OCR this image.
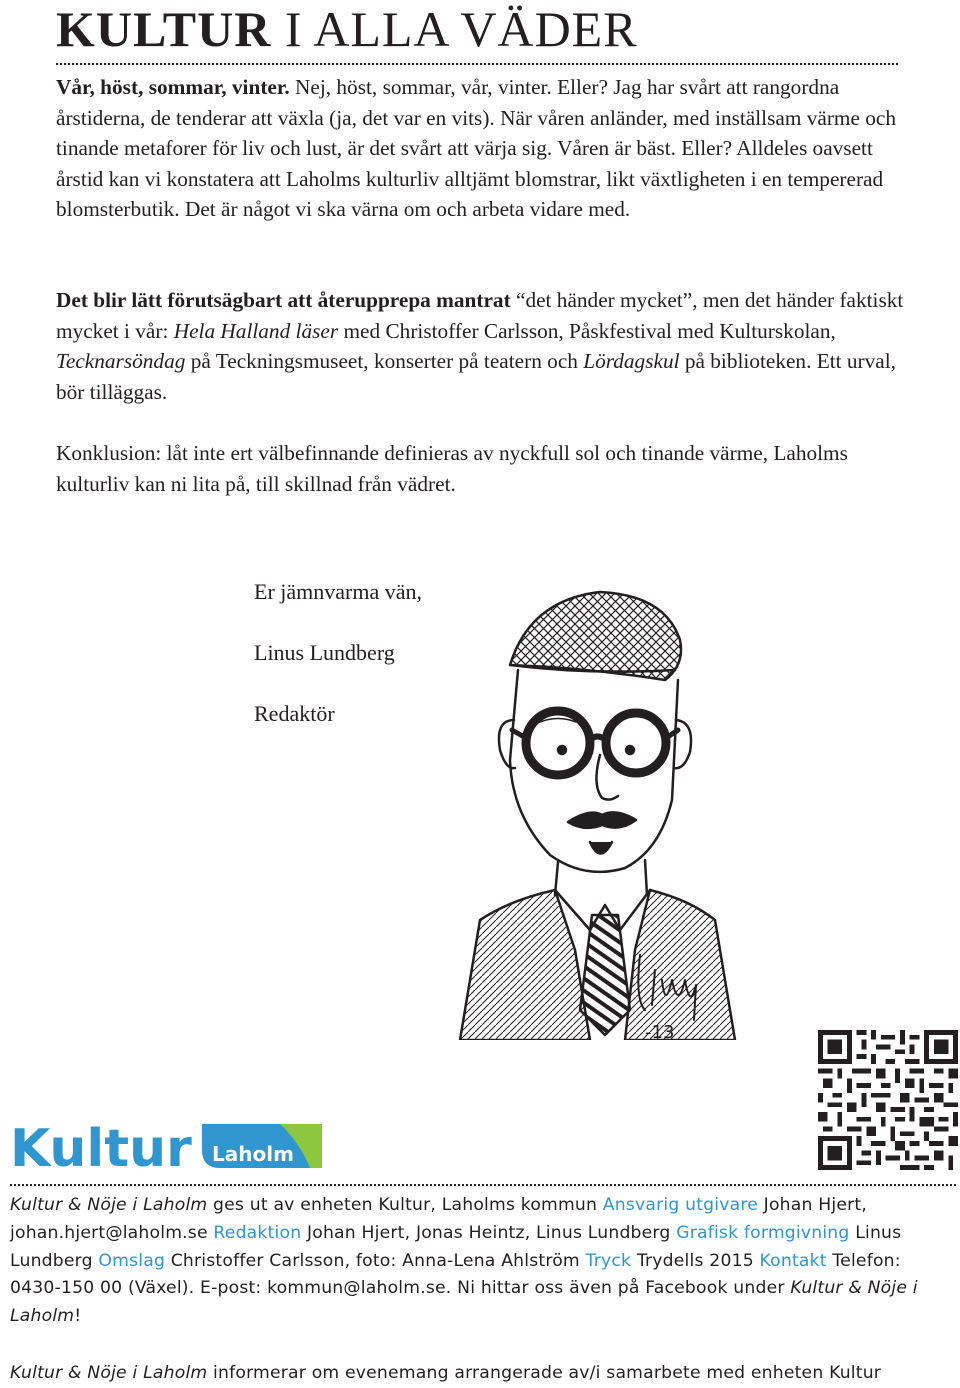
KULTUR I ALLA VÄDER

Vår, höst, sommar, vinter. Nej, höst, sommar, vår, vinter. Eller? Jag har svårt att rangordna årstiderna, de tenderar att växla (ja, det var en vits). När våren anländer, med inställsam värme och tinande metaforer för liv och lust, är det svårt att värja sig. Våren är bäst. Eller? Alldeles oavsett årstid kan vi konstatera att Laholms kulturliv alltjämt blomstrar, likt växtligheten i en tempererad blomsterbutik. Det är något vi ska värna om och arbeta vidare med.

Det blir lätt förutsägbart att återupprepa mantrat “det händer mycket”, men det händer faktiskt mycket i vår: Hela Halland läser med Christoffer Carlsson, Påskfestival med Kulturskolan, Tecknarsöndag på Teckningsmuseet, konserter på teatern och Lördagskul på biblioteken. Ett urval, bör tilläggas.

Konklusion: låt inte ert välbefinnande definieras av nyckfull sol och tinande värme, Laholms kulturliv kan ni lita på, till skillnad från vädret.

Er jämnvarma vän,

Linus Lundberg

Redaktör

-13
Kultur Laholm

Kultur & Nöje i Laholm ges ut av enheten Kultur, Laholms kommun Ansvarig utgivare Johan Hjert, johan.hjert@laholm.se Redaktion Johan Hjert, Jonas Heintz, Linus Lundberg Grafisk formgivning Linus Lundberg Omslag Christoffer Carlsson, foto: Anna-Lena Ahlström Tryck Trydells 2015 Kontakt Telefon: 0430-150 00 (Växel). E-post: kommun@laholm.se. Ni hittar oss även på Facebook under Kultur & Nöje i Laholm!

Kultur & Nöje i Laholm informerar om evenemang arrangerade av/i samarbete med enheten Kultur
